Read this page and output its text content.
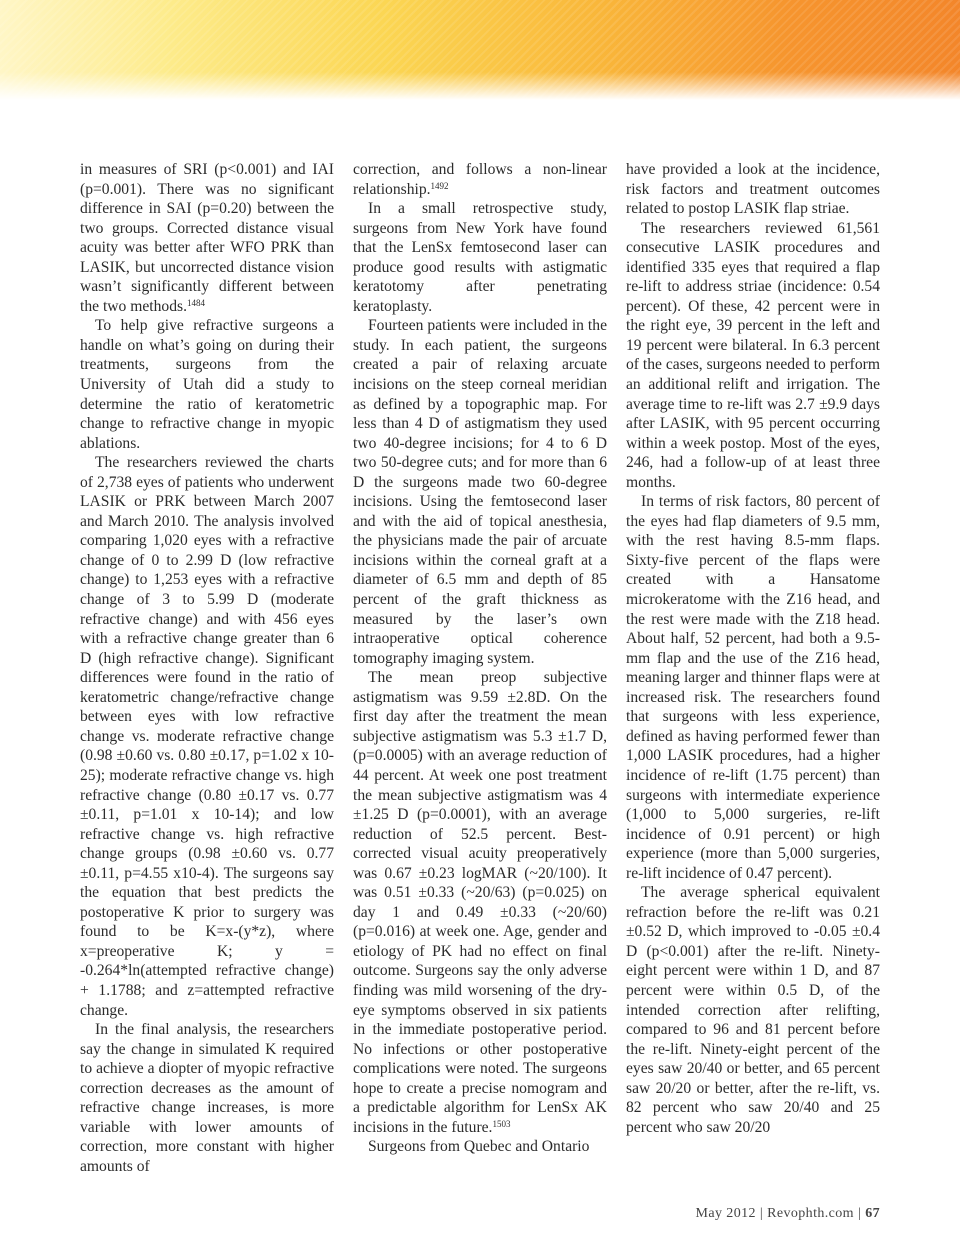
in measures of SRI (p<0.001) and IAI (p=0.001). There was no significant difference in SAI (p=0.20) between the two groups. Corrected distance visual acuity was better after WFO PRK than LASIK, but uncorrected distance vision wasn’t significantly different between the two methods.$^{1484}$

To help give refractive surgeons a handle on what’s going on during their treatments, surgeons from the University of Utah did a study to determine the ratio of keratometric change to refractive change in myopic ablations.

The researchers reviewed the charts of 2,738 eyes of patients who underwent LASIK or PRK between March 2007 and March 2010. The analysis involved comparing 1,020 eyes with a refractive change of 0 to 2.99 D (low refractive change) to 1,253 eyes with a refractive change of 3 to 5.99 D (moderate refractive change) and with 456 eyes with a refractive change greater than 6 D (high refractive change). Significant differences were found in the ratio of keratometric change/refractive change between eyes with low refractive change vs. moderate refractive change (0.98 ±0.60 vs. 0.80 ±0.17, p=1.02 x 10-25); moderate refractive change vs. high refractive change (0.80 ±0.17 vs. 0.77 ±0.11, p=1.01 x 10-14); and low refractive change vs. high refractive change groups (0.98 ±0.60 vs. 0.77 ±0.11, p=4.55 x10-4). The surgeons say the equation that best predicts the postoperative K prior to surgery was found to be K=x-(y*z), where x=preoperative K; y = -0.264*ln(attempted refractive change) + 1.1788; and z=attempted refractive change.

In the final analysis, the researchers say the change in simulated K required to achieve a diopter of myopic refractive correction decreases as the amount of refractive change increases, is more variable with lower amounts of correction, more constant with higher amounts of

correction, and follows a non-linear relationship.$^{1492}$

In a small retrospective study, surgeons from New York have found that the LenSx femtosecond laser can produce good results with astigmatic keratotomy after penetrating keratoplasty.

Fourteen patients were included in the study. In each patient, the surgeons created a pair of relaxing arcuate incisions on the steep corneal meridian as defined by a topographic map. For less than 4 D of astigmatism they used two 40-degree incisions; for 4 to 6 D two 50-degree cuts; and for more than 6 D the surgeons made two 60-degree incisions. Using the femtosecond laser and with the aid of topical anesthesia, the physicians made the pair of arcuate incisions within the corneal graft at a diameter of 6.5 mm and depth of 85 percent of the graft thickness as measured by the laser’s own intraoperative optical coherence tomography imaging system.

The mean preop subjective astigmatism was 9.59 ±2.8D. On the first day after the treatment the mean subjective astigmatism was 5.3 ±1.7 D, (p=0.0005) with an average reduction of 44 percent. At week one post treatment the mean subjective astigmatism was 4 ±1.25 D (p=0.0001), with an average reduction of 52.5 percent. Best-corrected visual acuity preoperatively was 0.67 ±0.23 logMAR (~20/100). It was 0.51 ±0.33 (~20/63) (p=0.025) on day 1 and 0.49 ±0.33 (~20/60) (p=0.016) at week one. Age, gender and etiology of PK had no effect on final outcome. Surgeons say the only adverse finding was mild worsening of the dry-eye symptoms observed in six patients in the immediate postoperative period. No infections or other postoperative complications were noted. The surgeons hope to create a precise nomogram and a predictable algorithm for LenSx AK incisions in the future.$^{1503}$

Surgeons from Quebec and Ontario

have provided a look at the incidence, risk factors and treatment outcomes related to postop LASIK flap striae.

The researchers reviewed 61,561 consecutive LASIK procedures and identified 335 eyes that required a flap re-lift to address striae (incidence: 0.54 percent). Of these, 42 percent were in the right eye, 39 percent in the left and 19 percent were bilateral. In 6.3 percent of the cases, surgeons needed to perform an additional relift and irrigation. The average time to re-lift was 2.7 ±9.9 days after LASIK, with 95 percent occurring within a week postop. Most of the eyes, 246, had a follow-up of at least three months.

In terms of risk factors, 80 percent of the eyes had flap diameters of 9.5 mm, with the rest having 8.5-mm flaps. Sixty-five percent of the flaps were created with a Hansatome microkeratome with the Z16 head, and the rest were made with the Z18 head. About half, 52 percent, had both a 9.5-mm flap and the use of the Z16 head, meaning larger and thinner flaps were at increased risk. The researchers found that surgeons with less experience, defined as having performed fewer than 1,000 LASIK procedures, had a higher incidence of re-lift (1.75 percent) than surgeons with intermediate experience (1,000 to 5,000 surgeries, re-lift incidence of 0.91 percent) or high experience (more than 5,000 surgeries, re-lift incidence of 0.47 percent).

The average spherical equivalent refraction before the re-lift was 0.21 ±0.52 D, which improved to -0.05 ±0.4 D (p<0.001) after the re-lift. Ninety-eight percent were within 1 D, and 87 percent were within 0.5 D, of the intended correction after relifting, compared to 96 and 81 percent before the re-lift. Ninety-eight percent of the eyes saw 20/40 or better, and 65 percent saw 20/20 or better, after the re-lift, vs. 82 percent who saw 20/40 and 25 percent who saw 20/20

May 2012 | Revophth.com | 67
